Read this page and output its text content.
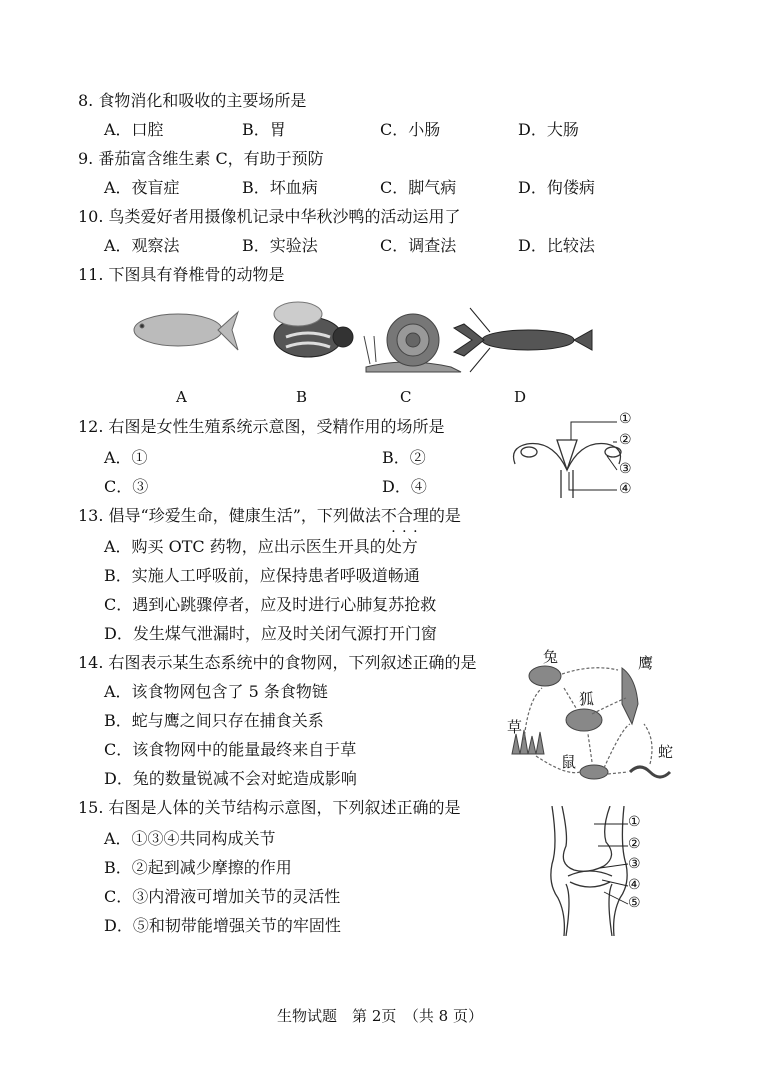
8. 食物消化和吸收的主要场所是
A．口腔	B．胃	C．小肠	D．大肠
9. 番茄富含维生素 C，有助于预防
A．夜盲症	B．坏血病	C．脚气病	D．佝偻病
10. 鸟类爱好者用摄像机记录中华秋沙鸭的活动运用了
A．观察法	B．实验法	C．调查法	D．比较法
11. 下图具有脊椎骨的动物是
A	B	C	D
12. 右图是女性生殖系统示意图，受精作用的场所是
A．①	B．②
C．③	D．④
①
②
③
④
13. 倡导“珍爱生命，健康生活”，下列做法不合理 · · ·的是
A．购买 OTC 药物，应出示医生开具的处方
B．实施人工呼吸前，应保持患者呼吸道畅通
C．遇到心跳骤停者，应及时进行心肺复苏抢救
D．发生煤气泄漏时，应及时关闭气源打开门窗
14. 右图表示某生态系统中的食物网，下列叙述正确的是
A．该食物网包含了 5 条食物链
B．蛇与鹰之间只存在捕食关系
C．该食物网中的能量最终来自于草
D．兔的数量锐减不会对蛇造成影响
兔	鹰
狐
草
鼠
蛇
15. 右图是人体的关节结构示意图，下列叙述正确的是
A．①③④共同构成关节
B．②起到减少摩擦的作用
C．③内滑液可增加关节的灵活性
D．⑤和韧带能增强关节的牢固性
①
②
③
④
⑤
生物试题　第 2页　（共 8 页）
